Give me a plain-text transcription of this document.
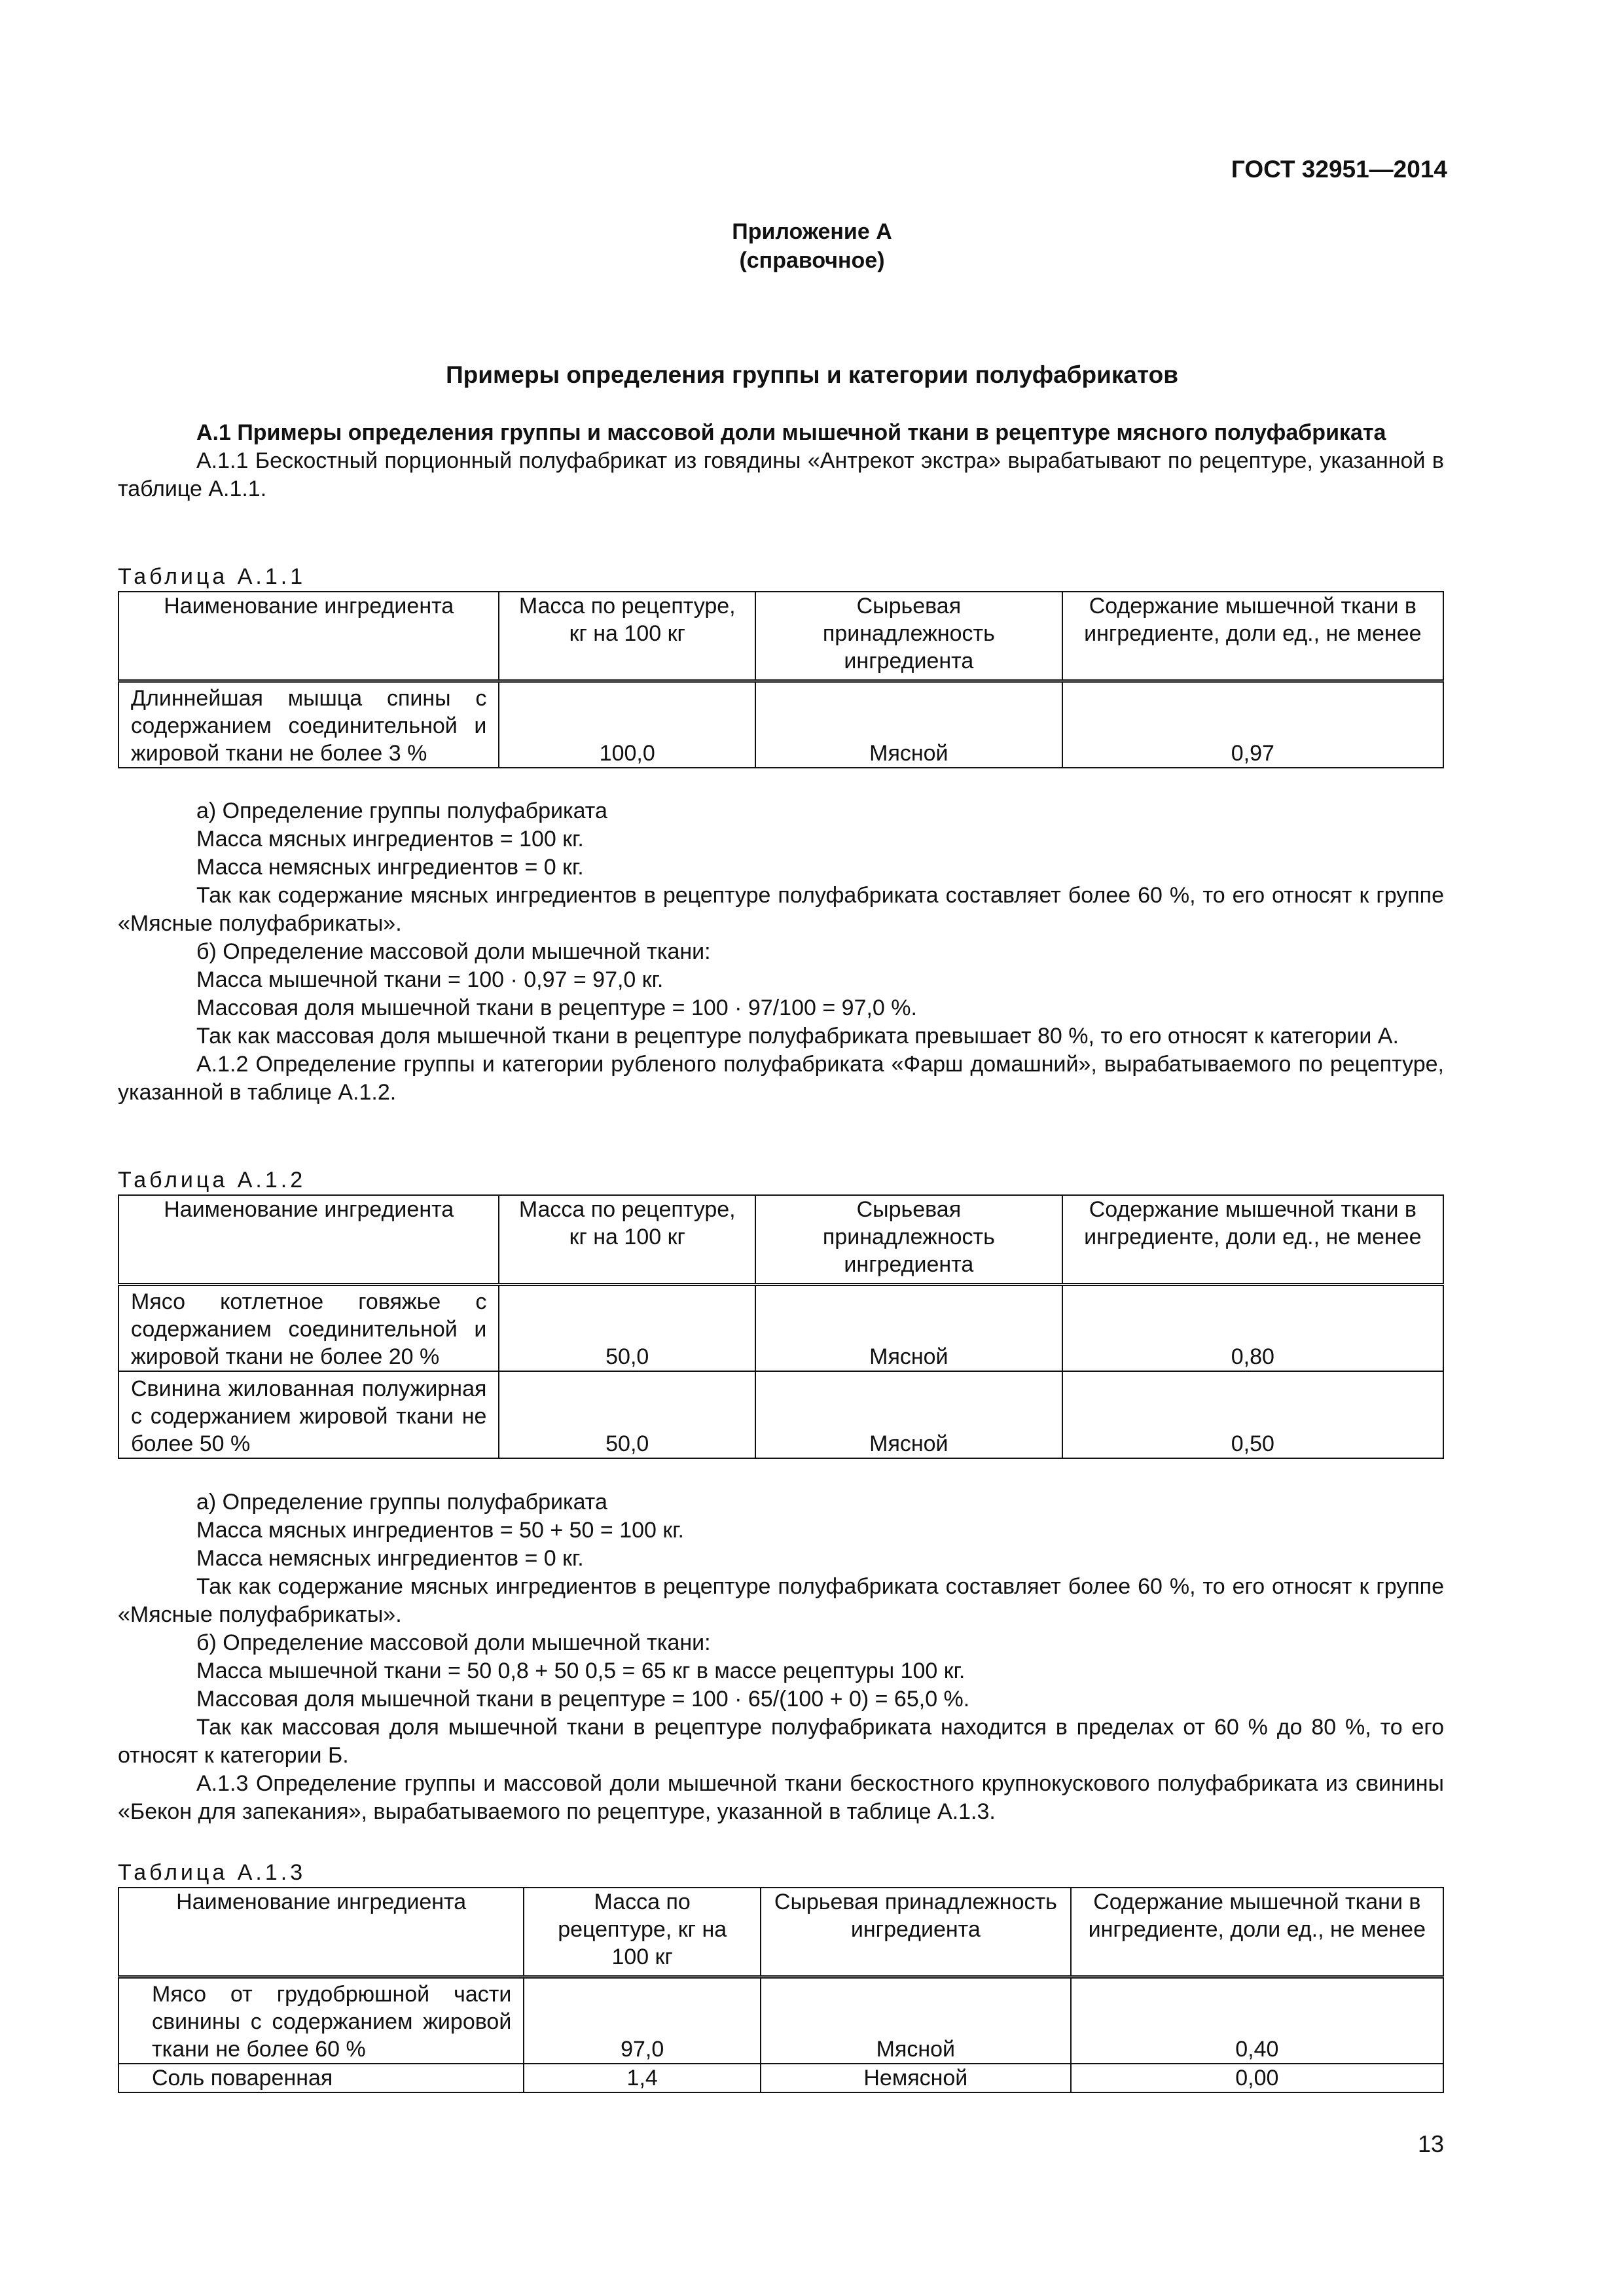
ГОСТ 32951—2014
Приложение А
(справочное)
Примеры определения группы и категории полуфабрикатов

А.1 Примеры определения группы и массовой доли мышечной ткани в рецептуре мясного полуфабриката

А.1.1 Бескостный порционный полуфабрикат из говядины «Антрекот экстра» вырабатывают по рецептуре, указанной в таблице А.1.1.

Таблица А.1.1
Наименование ингредиента	Масса по рецептуре, кг на 100 кг	Сырьевая принадлежность ингредиента	Содержание мышечной ткани в ингредиенте, доли ед., не менее
Длиннейшая мышца спины с содержанием соединительной и жировой ткани не более 3 %	100,0	Мясной	0,97

а) Определение группы полуфабриката

Масса мясных ингредиентов = 100 кг.

Масса немясных ингредиентов = 0 кг.

Так как содержание мясных ингредиентов в рецептуре полуфабриката составляет более 60 %, то его относят к группе «Мясные полуфабрикаты».

б) Определение массовой доли мышечной ткани:

Масса мышечной ткани = 100 · 0,97 = 97,0 кг.

Массовая доля мышечной ткани в рецептуре = 100 · 97/100 = 97,0 %.

Так как массовая доля мышечной ткани в рецептуре полуфабриката превышает 80 %, то его относят к категории А.

А.1.2 Определение группы и категории рубленого полуфабриката «Фарш домашний», вырабатываемого по рецептуре, указанной в таблице А.1.2.

Таблица А.1.2
Наименование ингредиента	Масса по рецептуре, кг на 100 кг	Сырьевая принадлежность ингредиента	Содержание мышечной ткани в ингредиенте, доли ед., не менее
Мясо котлетное говяжье с содержанием соединительной и жировой ткани не более 20 %	50,0	Мясной	0,80
Свинина жилованная полужирная с содержанием жировой ткани не более 50 %	50,0	Мясной	0,50

а) Определение группы полуфабриката

Масса мясных ингредиентов = 50 + 50 = 100 кг.

Масса немясных ингредиентов = 0 кг.

Так как содержание мясных ингредиентов в рецептуре полуфабриката составляет более 60 %, то его относят к группе «Мясные полуфабрикаты».

б) Определение массовой доли мышечной ткани:

Масса мышечной ткани = 50 0,8 + 50 0,5 = 65 кг в массе рецептуры 100 кг.

Массовая доля мышечной ткани в рецептуре = 100 · 65/(100 + 0) = 65,0 %.

Так как массовая доля мышечной ткани в рецептуре полуфабриката находится в пределах от 60 % до 80 %, то его относят к категории Б.

А.1.3 Определение группы и массовой доли мышечной ткани бескостного крупнокускового полуфабриката из свинины «Бекон для запекания», вырабатываемого по рецептуре, указанной в таблице А.1.3.

Таблица А.1.3
Наименование ингредиента	Масса по рецептуре, кг на 100 кг	Сырьевая принадлежность ингредиента	Содержание мышечной ткани в ингредиенте, доли ед., не менее
Мясо от грудобрюшной части свинины с содержанием жировой ткани не более 60 %	97,0	Мясной	0,40
Соль поваренная	1,4	Немясной	0,00
13
